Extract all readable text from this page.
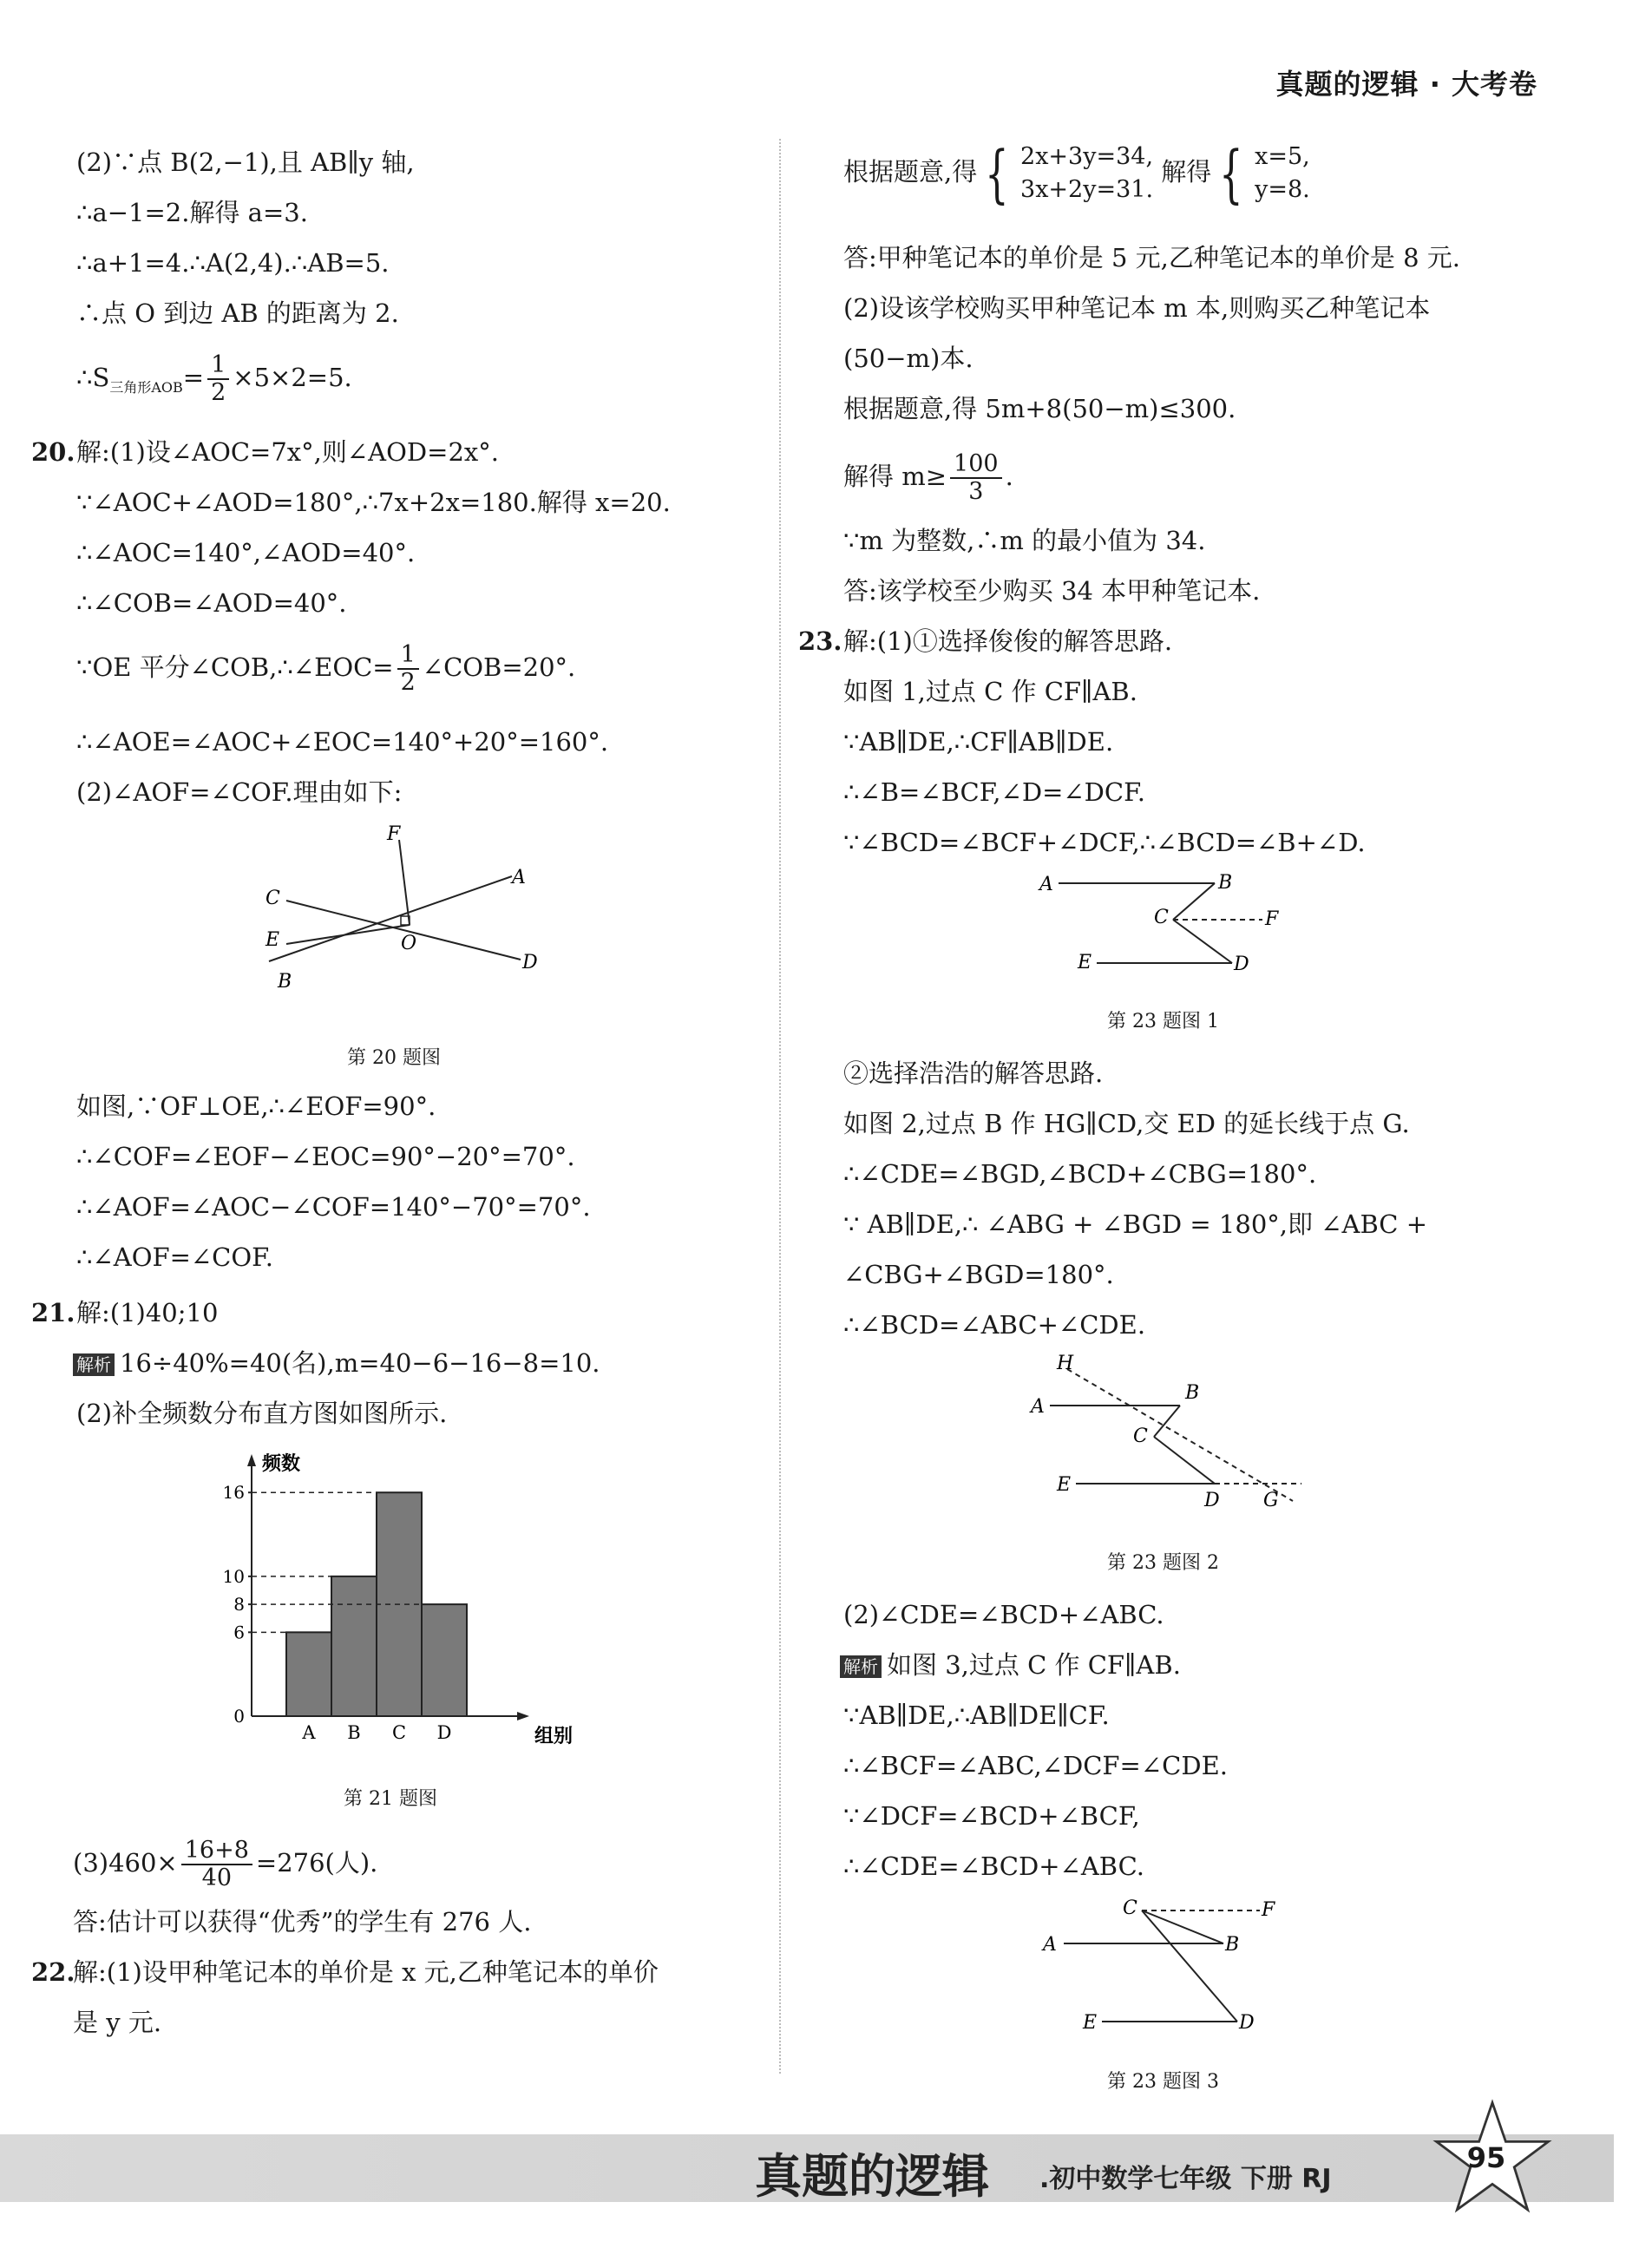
真题的逻辑 · 大考卷
(2)∵点 B(2,−1),且 AB∥y 轴,
∴a−1=2.解得 a=3.
∴a+1=4.∴A(2,4).∴AB=5.
∴点 O 到边 AB 的距离为 2.
$\therefore S_{三角形AOB}= \frac{1}{2} \times 5\times 2=5$.
20. 解:(1)设∠AOC=7x°,则∠AOD=2x°.
∵∠AOC+∠AOD=180°,∴7x+2x=180.解得 x=20.
∴∠AOC=140°,∠AOD=40°.
∴∠COB=∠AOD=40°.
∵OE 平分∠COB,∴∠EOC= $\frac{1}{2}$ ∠COB=20°.
∴∠AOE=∠AOC+∠EOC=140°+20°=160°.
(2)∠AOF=∠COF.理由如下:
F
A
C
E	O
D
B
第 20 题图
如图,∵OF⊥OE,∴∠EOF=90°.
∴∠COF=∠EOF−∠EOC=90°−20°=70°.
∴∠AOF=∠AOC−∠COF=140°−70°=70°.
∴∠AOF=∠COF.
21. 解:(1)40;10
解析 16÷40%=40(名),m=40−6−16−8=10.
(2)补全频数分布直方图如图所示.
频数
组别
0
6
8
10
16
A B C D
第 21 题图
$(3)460\times \frac{16+8}{40} =276$(人).
答:估计可以获得“优秀”的学生有 276 人.
22.
解:(1)设甲种笔记本的单价是 x 元,乙种笔记本的单价
是 y 元.
根据题意,得 { 2x+3y=34,
3x+2y=31.
解得 { x=5,
y=8.
答:甲种笔记本的单价是 5 元,乙种笔记本的单价是 8 元.
(2)设该学校购买甲种笔记本 m 本,则购买乙种笔记本
(50−m)本.
根据题意,得 5m+8(50−m)≤300.
解得 $m\ge \frac{100}{3}$ .
∵m 为整数,∴m 的最小值为 34.
答:该学校至少购买 34 本甲种笔记本.
23. 解:(1)①选择俊俊的解答思路.
如图 1,过点 C 作 CF∥AB.
∵AB∥DE,∴CF∥AB∥DE.
∴∠B=∠BCF,∠D=∠DCF.
∵∠BCD=∠BCF+∠DCF,∴∠BCD=∠B+∠D.
A	B
C	F
E	D
第 23 题图 1
②选择浩浩的解答思路.
如图 2,过点 B 作 HG∥CD,交 ED 的延长线于点 G.
∴∠CDE=∠BGD,∠BCD+∠CBG=180°.
∵ AB∥DE,∴ ∠ABG + ∠BGD = 180°,即 ∠ABC +
∠CBG+∠BGD=180°.
∴∠BCD=∠ABC+∠CDE.
H
B
A
C
E
D G
第 23 题图 2
(2)∠CDE=∠BCD+∠ABC.
解析 如图 3,过点 C 作 CF∥AB.
∵AB∥DE,∴AB∥DE∥CF.
∴∠BCF=∠ABC,∠DCF=∠CDE.
∵∠DCF=∠BCD+∠BCF,
∴∠CDE=∠BCD+∠ABC.
C	F
A	B
E	D
第 23 题图 3
真题的逻辑 .初中数学七年级 下册 RJ
95
